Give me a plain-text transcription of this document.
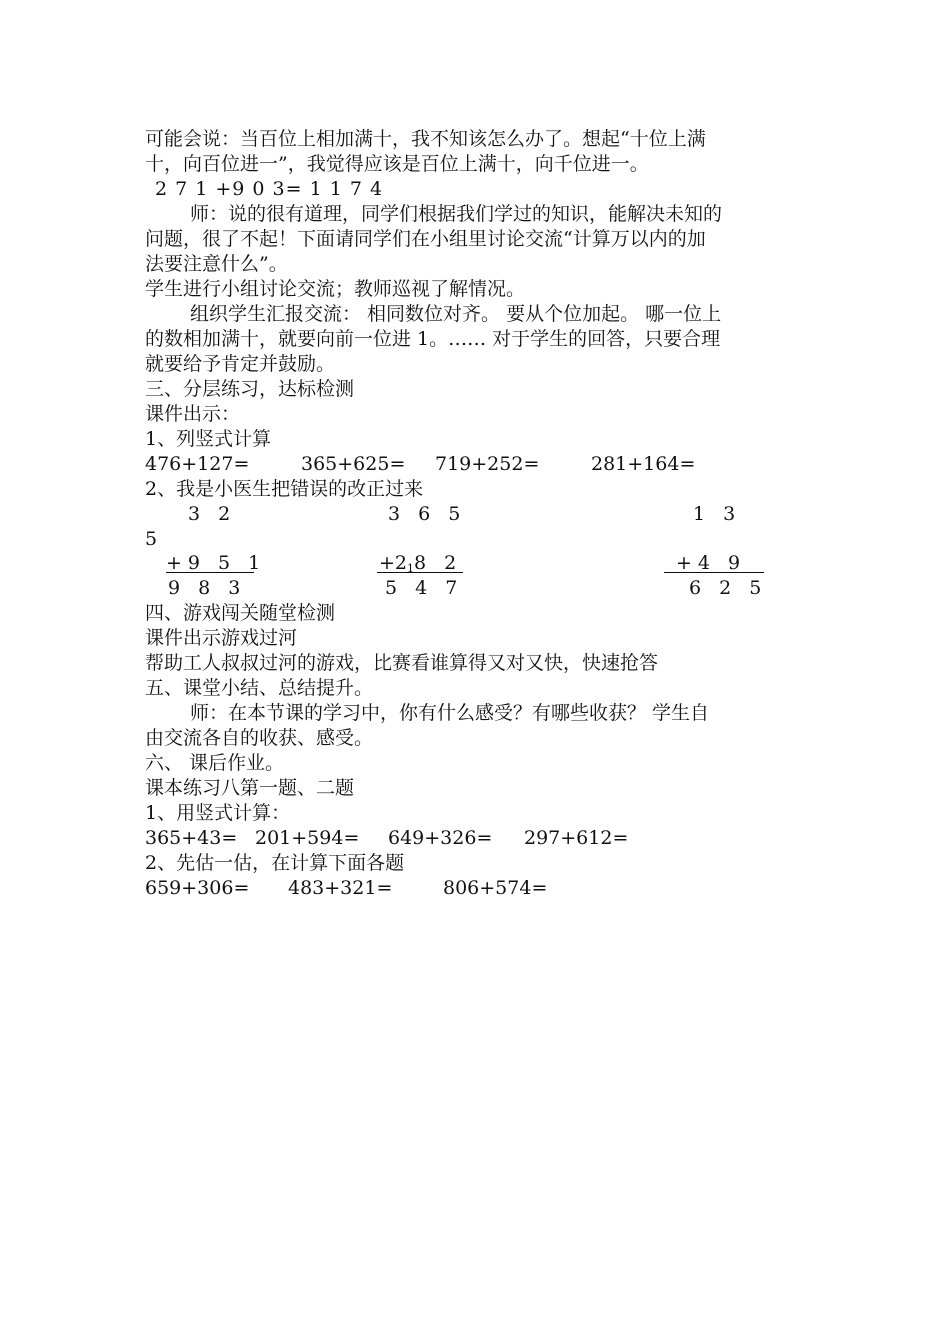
可能会说：当百位上相加满十，我不知该怎么办了。想起“十位上满
十，向百位进一”，我觉得应该是百位上满十，向千位进一。
2 7 1 +9 0 3= 1 1 7 4
师：说的很有道理，同学们根据我们学过的知识，能解决未知的
问题，很了不起！下面请同学们在小组里讨论交流“计算万以内的加
法要注意什么”。
学生进行小组讨论交流；教师巡视了解情况。
组织学生汇报交流： 相同数位对齐。 要从个位加起。 哪一位上
的数相加满十，就要向前一位进 1。…… 对于学生的回答，只要合理
就要给予肯定并鼓励。
三、分层练习，达标检测
课件出示：
1、列竖式计算
476+127=	365+625= 719+252=	281+164=
2、我是小医生把错误的改正过来
3 2	3 6 5	1 3
5
+9 5 1	$+2_18$ 2	+4 9
9 8 3	5 4 7	6 2 5
四、游戏闯关随堂检测
课件出示游戏过河
帮助工人叔叔过河的游戏，比赛看谁算得又对又快，快速抢答
五、课堂小结、总结提升。
师：在本节课的学习中，你有什么感受？有哪些收获？ 学生自
由交流各自的收获、感受。
六、 课后作业。
课本练习八第一题、二题
1、用竖式计算：
365+43= 201+594= 649+326= 297+612=
2、先估一估，在计算下面各题
659+306= 483+321=	806+574=
